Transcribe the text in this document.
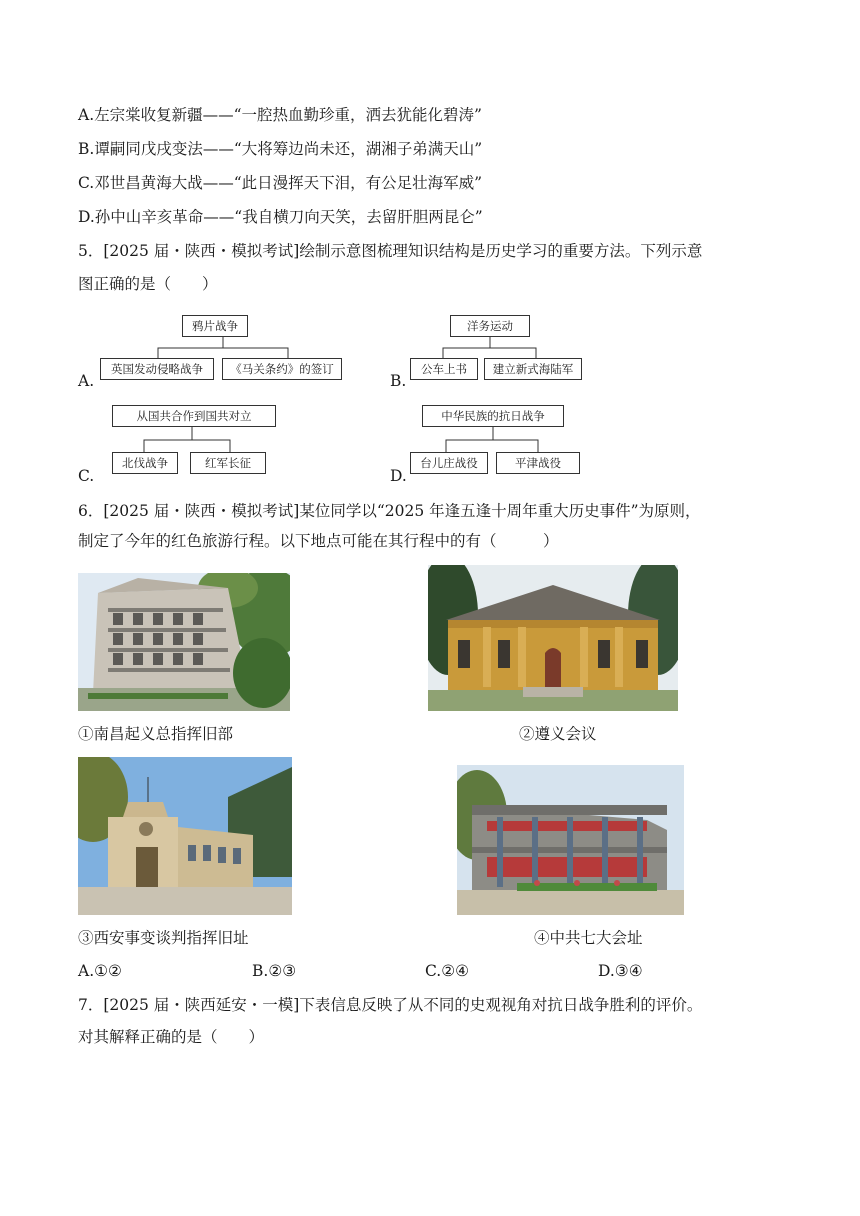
A.左宗棠收复新疆——“一腔热血勤珍重，洒去犹能化碧涛”
B.谭嗣同戊戌变法——“大将筹边尚未还，湖湘子弟满天山”
C.邓世昌黄海大战——“此日漫挥天下泪，有公足壮海军威”
D.孙中山辛亥革命——“我自横刀向天笑，去留肝胆两昆仑”
5．[2025 届・陕西・模拟考试]绘制示意图梳理知识结构是历史学习的重要方法。下列示意
图正确的是（　　）
A.
鸦片战争
英国发动侵略战争	《马关条约》的签订
B.
洋务运动
公车上书	建立新式海陆军
C.
从国共合作到国共对立
北伐战争	红军长征
D.
中华民族的抗日战争
台儿庄战役	平津战役
6．[2025 届・陕西・模拟考试]某位同学以“2025 年逢五逢十周年重大历史事件”为原则，
制定了今年的红色旅游行程。以下地点可能在其行程中的有（　　　）
①南昌起义总指挥旧部	②遵义会议
③西安事变谈判指挥旧址	④中共七大会址
A.①②	B.②③	C.②④	D.③④
7．[2025 届・陕西延安・一模]下表信息反映了从不同的史观视角对抗日战争胜利的评价。
对其解释正确的是（　　）
